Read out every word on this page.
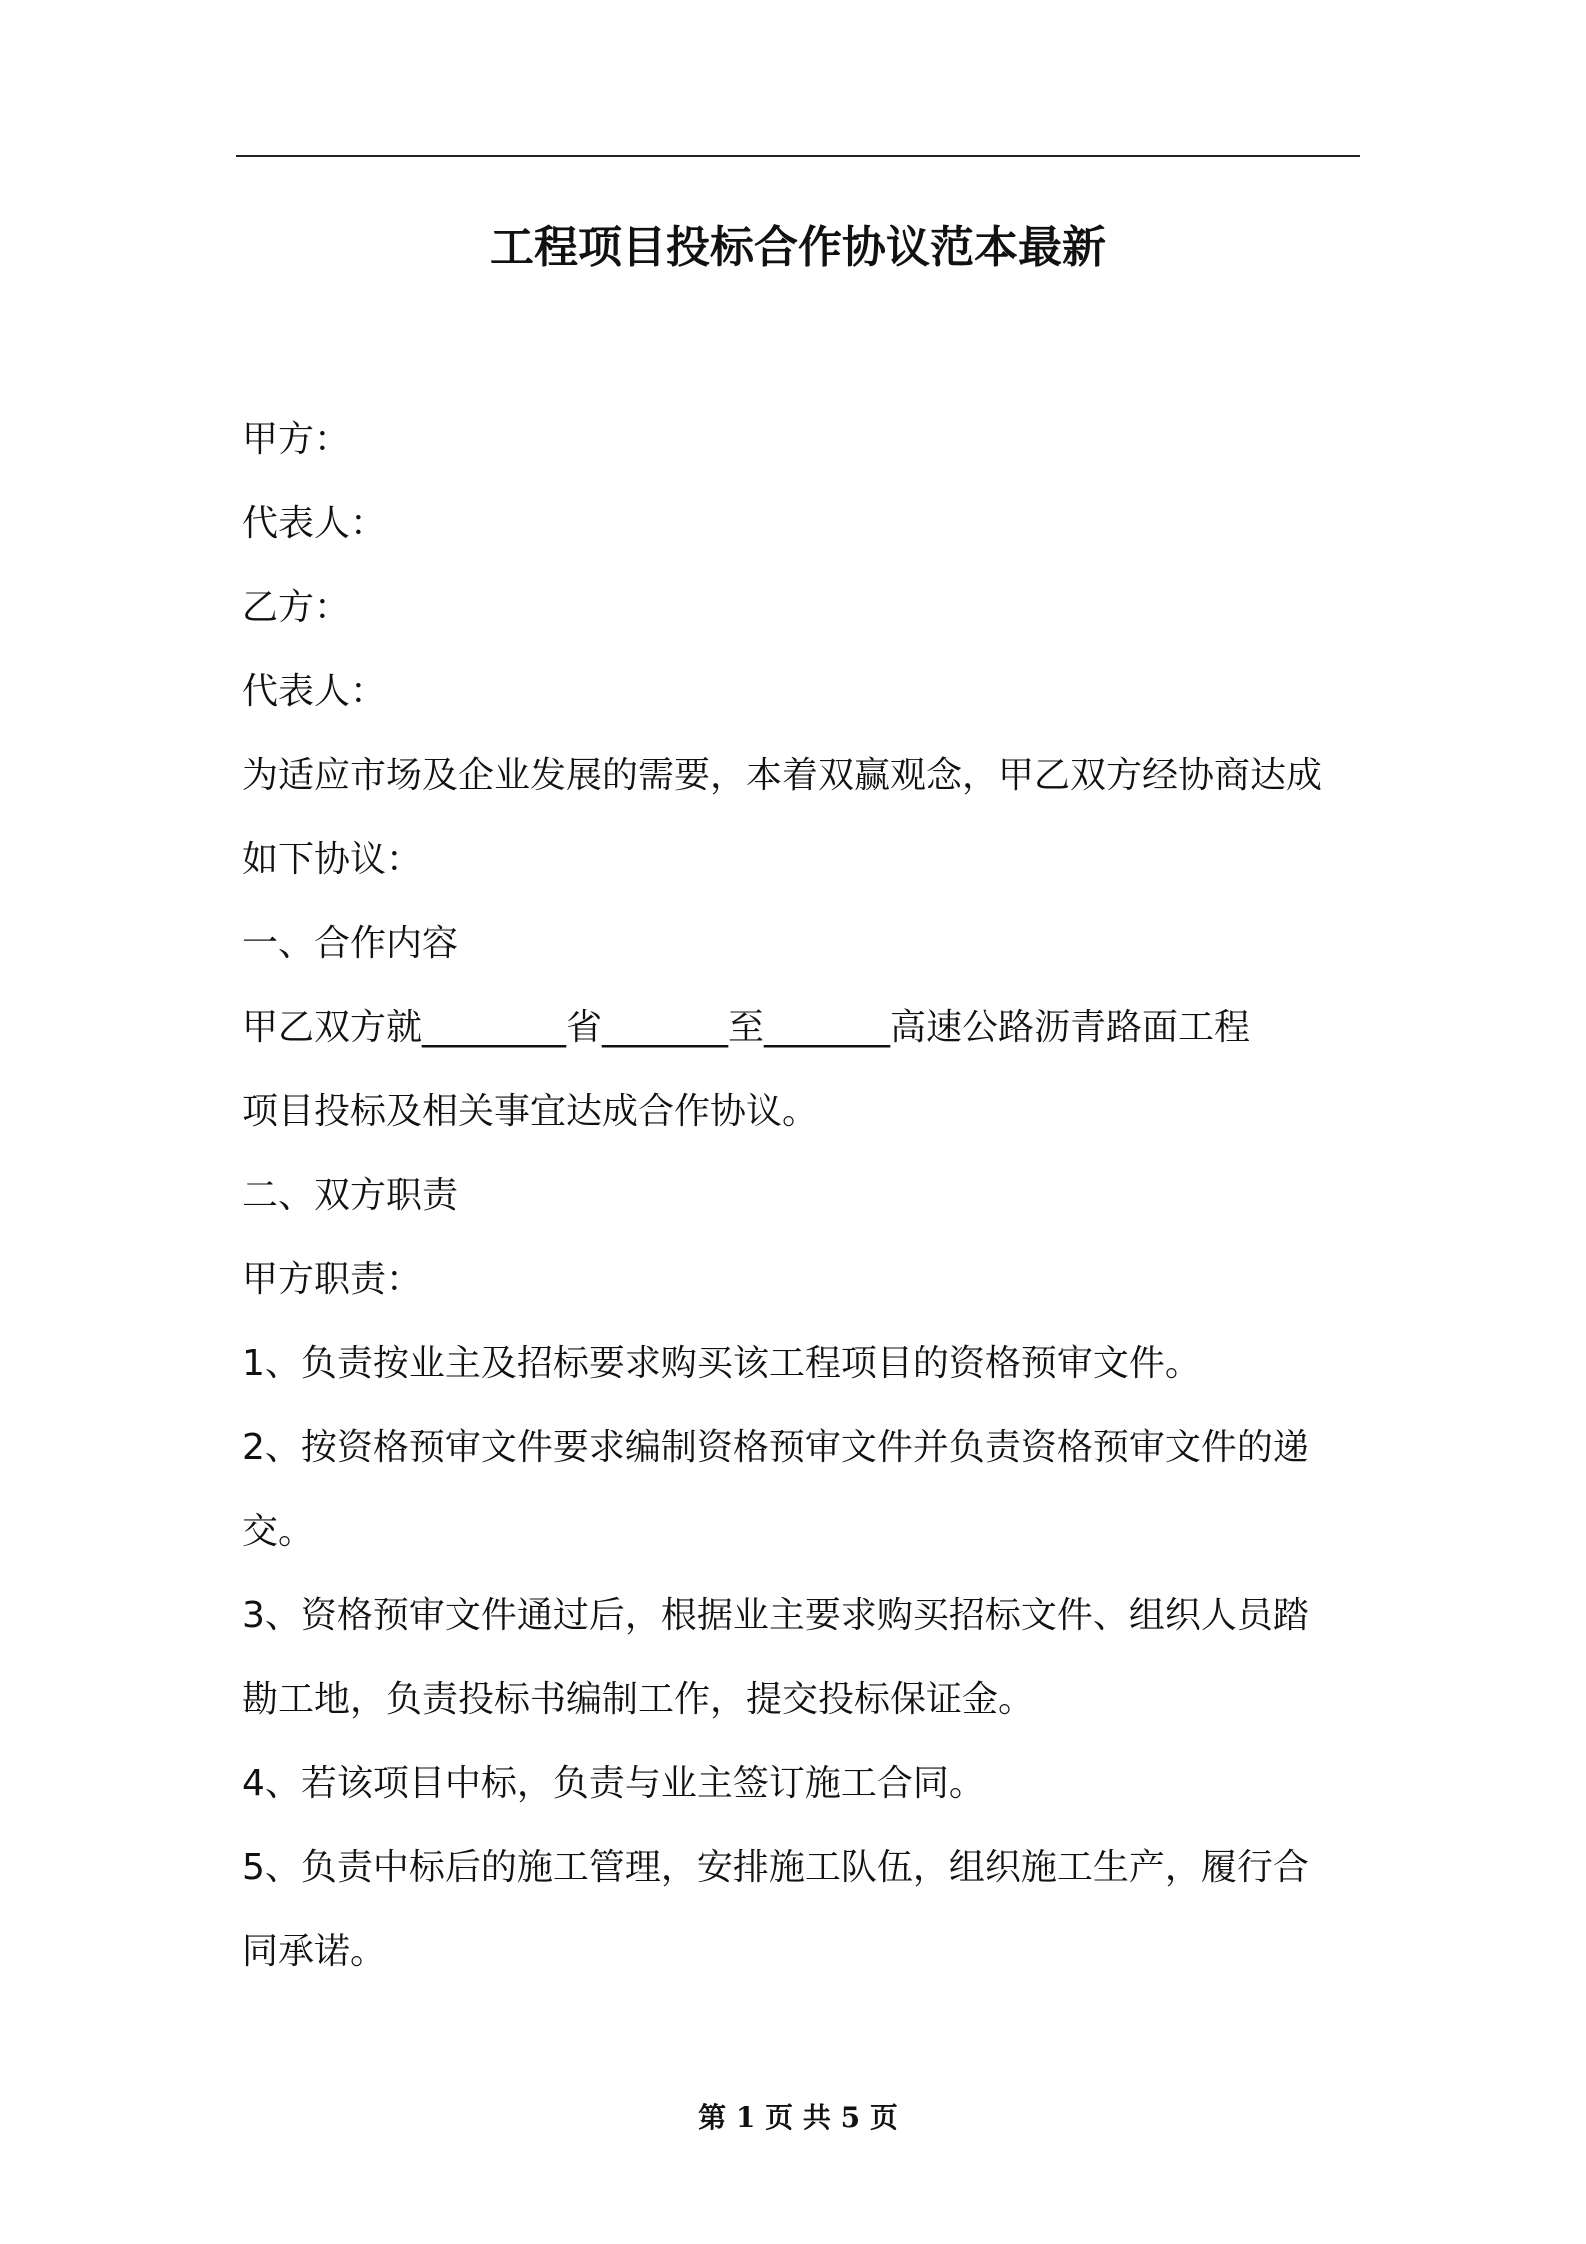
工程项目投标合作协议范本最新
甲方：
代表人：
乙方：
代表人：
为适应市场及企业发展的需要，本着双赢观念，甲乙双方经协商达成
如下协议：
一、合作内容
甲乙双方就________省_______至_______高速公路沥青路面工程
项目投标及相关事宜达成合作协议。
二、双方职责
甲方职责：
1、负责按业主及招标要求购买该工程项目的资格预审文件。
2、按资格预审文件要求编制资格预审文件并负责资格预审文件的递
交。
3、资格预审文件通过后，根据业主要求购买招标文件、组织人员踏
勘工地，负责投标书编制工作，提交投标保证金。
4、若该项目中标，负责与业主签订施工合同。
5、负责中标后的施工管理，安排施工队伍，组织施工生产，履行合
同承诺。
第 1 页 共 5 页
